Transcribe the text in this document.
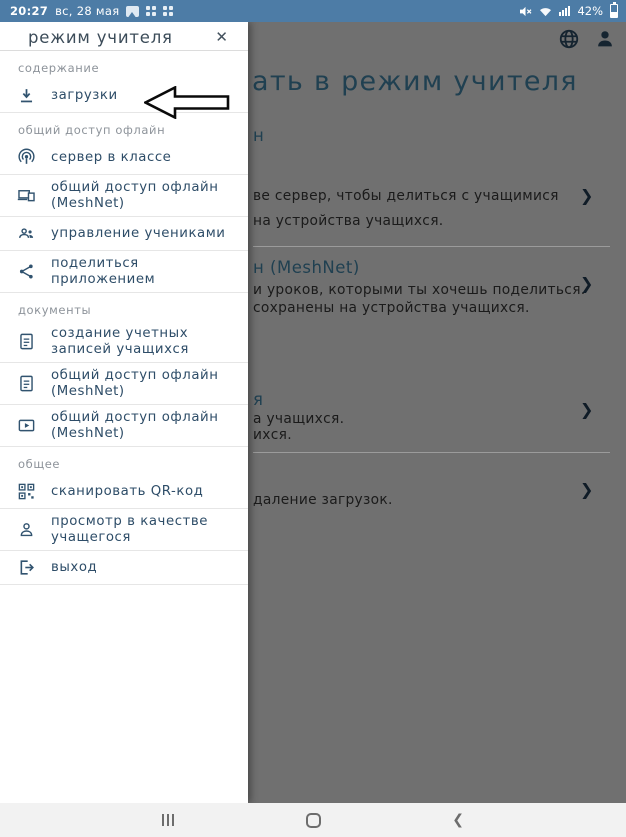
20:27 вс, 28 мая	42%
режим учителя	✕
содержание
загрузки
общий доступ офлайн
сервер в классе
общий доступ офлайн (MeshNet)
управление учениками
поделиться приложением
документы
создание учетных записей учащихся
общий доступ офлайн (MeshNet)
общий доступ офлайн (MeshNet)
общее
сканировать QR-код
просмотр в качестве учащегося
выход
❮
